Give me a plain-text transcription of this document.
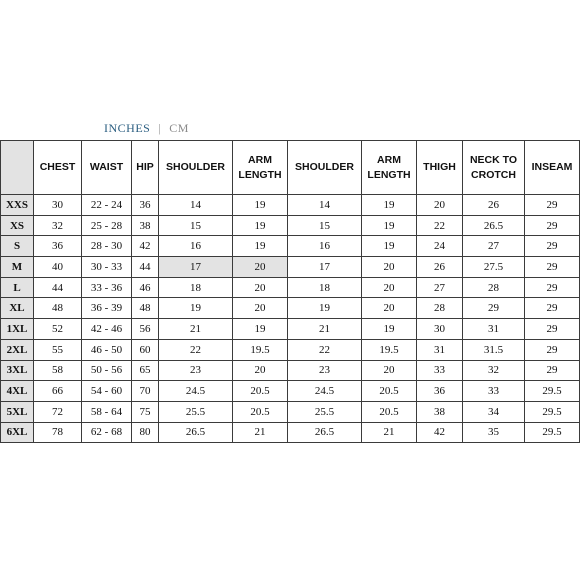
INCHES | CM
	CHEST	WAIST	HIP	SHOULDER	ARM LENGTH	SHOULDER	ARM LENGTH	THIGH	NECK TO CROTCH	INSEAM
XXS	30	22 - 24	36	14	19	14	19	20	26	29
XS	32	25 - 28	38	15	19	15	19	22	26.5	29
S	36	28 - 30	42	16	19	16	19	24	27	29
M	40	30 - 33	44	17	20	17	20	26	27.5	29
L	44	33 - 36	46	18	20	18	20	27	28	29
XL	48	36 - 39	48	19	20	19	20	28	29	29
1XL	52	42 - 46	56	21	19	21	19	30	31	29
2XL	55	46 - 50	60	22	19.5	22	19.5	31	31.5	29
3XL	58	50 - 56	65	23	20	23	20	33	32	29
4XL	66	54 - 60	70	24.5	20.5	24.5	20.5	36	33	29.5
5XL	72	58 - 64	75	25.5	20.5	25.5	20.5	38	34	29.5
6XL	78	62 - 68	80	26.5	21	26.5	21	42	35	29.5
